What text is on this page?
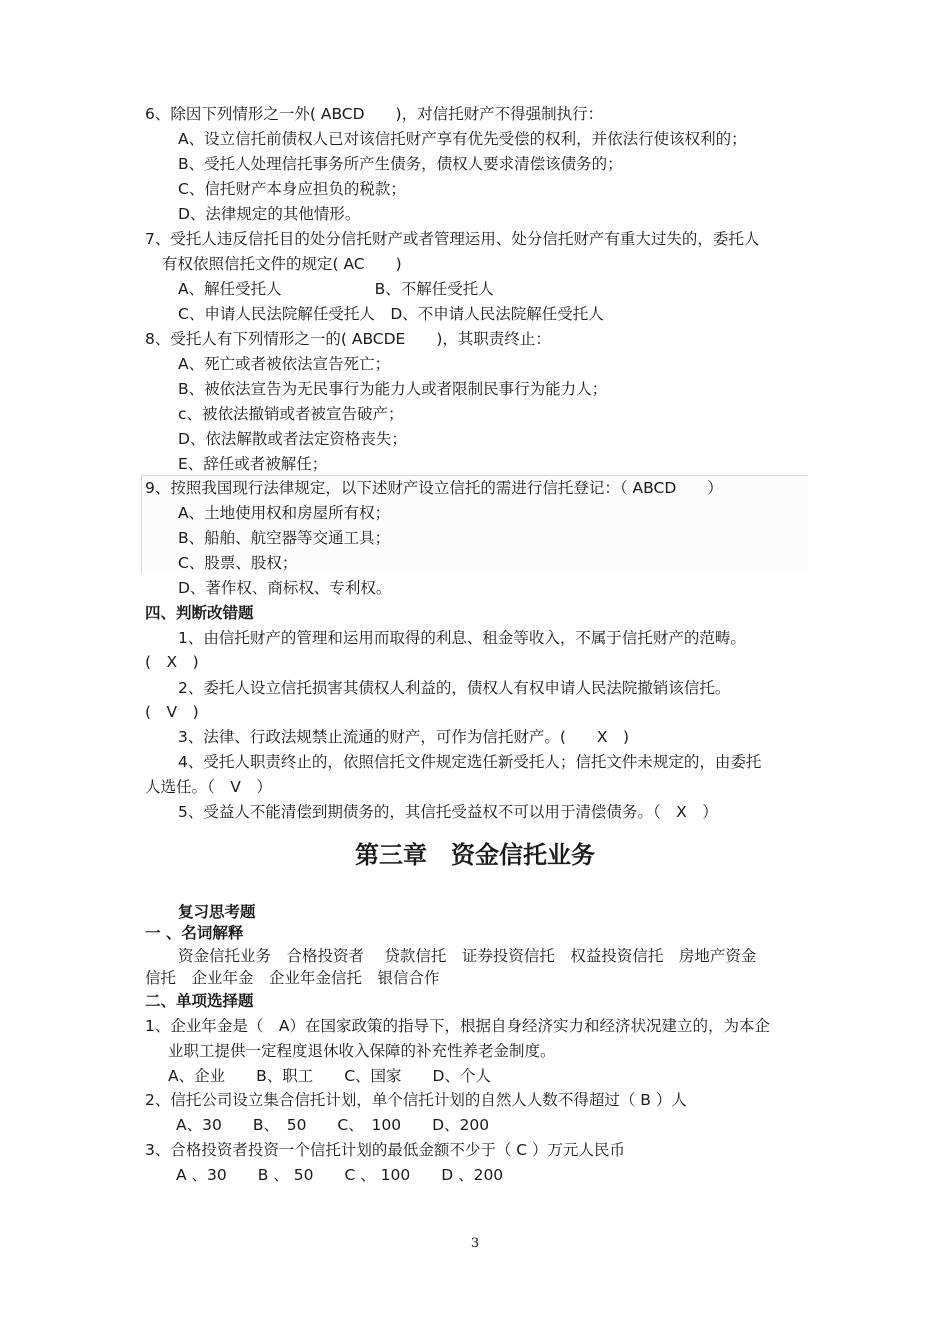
6、除因下列情形之一外( ABCD　　)，对信托财产不得强制执行：
A、设立信托前债权人已对该信托财产享有优先受偿的权利，并依法行使该权利的；
B、受托人处理信托事务所产生债务，债权人要求清偿该债务的；
C、信托财产本身应担负的税款；
D、法律规定的其他情形。
7、受托人违反信托目的处分信托财产或者管理运用、处分信托财产有重大过失的，委托人
有权依照信托文件的规定( AC　　)
A、解任受托人　　　　　　B、不解任受托人
C、申请人民法院解任受托人　D、不申请人民法院解任受托人
8、受托人有下列情形之一的( ABCDE　　)，其职责终止：
A、死亡或者被依法宣告死亡；
B、被依法宣告为无民事行为能力人或者限制民事行为能力人；
c、被依法撤销或者被宣告破产；
D、依法解散或者法定资格丧失；
E、辞任或者被解任；
9、按照我国现行法律规定，以下述财产设立信托的需进行信托登记：（ ABCD　　）
A、土地使用权和房屋所有权；
B、船舶、航空器等交通工具；
C、股票、股权；
D、著作权、商标权、专利权。
四、判断改错题
1、由信托财产的管理和运用而取得的利息、租金等收入，不属于信托财产的范畴。
(　X　)
2、委托人设立信托损害其债权人利益的，债权人有权申请人民法院撤销该信托。
(　V　)
3、法律、行政法规禁止流通的财产，可作为信托财产。(　　X　)
4、受托人职责终止的，依照信托文件规定选任新受托人；信托文件未规定的，由委托
人选任。（　V　）
5、受益人不能清偿到期债务的，其信托受益权不可以用于清偿债务。（　X　）
第三章　资金信托业务
复习思考题
一 、名词解释
资金信托业务　合格投资者　 贷款信托　证券投资信托　权益投资信托　房地产资金
信托　企业年金　企业年金信托　银信合作
二、单项选择题
1、企业年金是（　A）在国家政策的指导下，根据自身经济实力和经济状况建立的，为本企
业职工提供一定程度退休收入保障的补充性养老金制度。
A、企业　　B、职工　　C、国家　　D、个人
2、信托公司设立集合信托计划，单个信托计划的自然人人数不得超过（ B ）人
A、30　　B、　50　　C、　100　　D、200
3、合格投资者投资一个信托计划的最低金额不少于（ C ）万元人民币
A 、30　　B 、 50　　C 、 100　　D 、200
3
